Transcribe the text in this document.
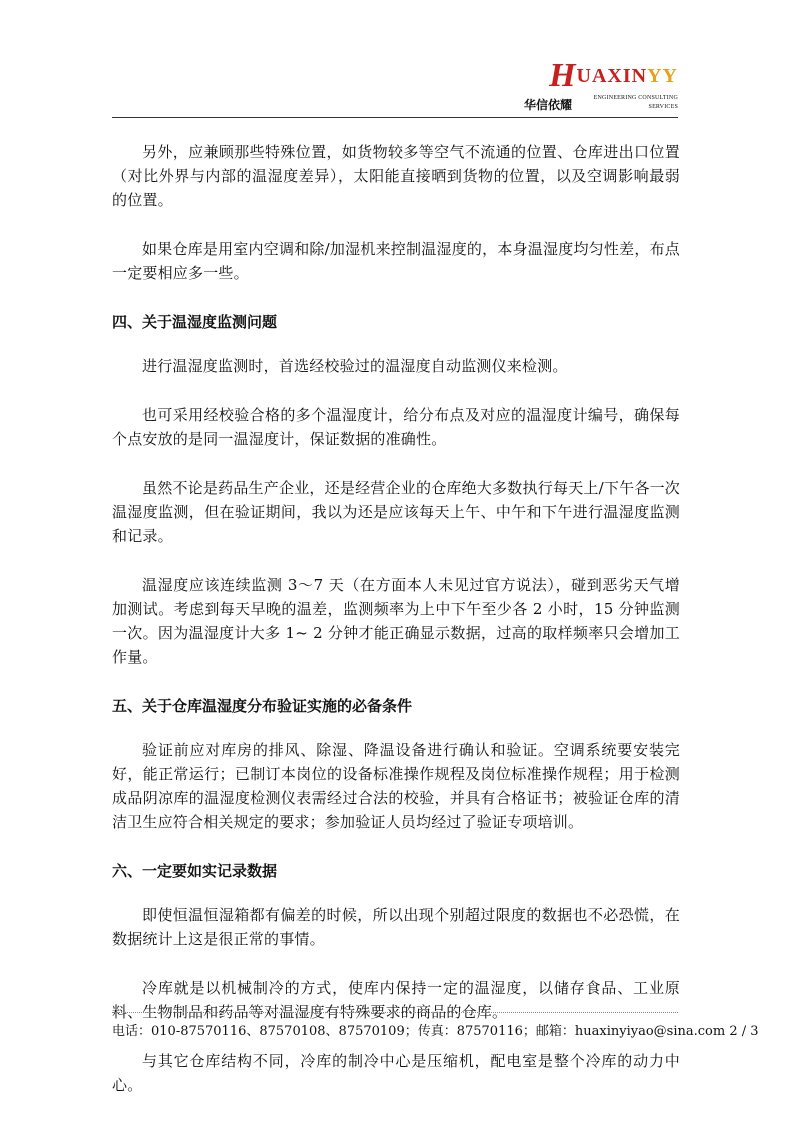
HUAXINYY
华信依耀	ENGINEERING CONSULTING SERVICES

另外，应兼顾那些特殊位置，如货物较多等空气不流通的位置、仓库进出口位置（对比外界与内部的温湿度差异），太阳能直接晒到货物的位置，以及空调影响最弱的位置。

如果仓库是用室内空调和除/加湿机来控制温湿度的，本身温湿度均匀性差，布点一定要相应多一些。

四、关于温湿度监测问题

进行温湿度监测时，首选经校验过的温湿度自动监测仪来检测。

也可采用经校验合格的多个温湿度计，给分布点及对应的温湿度计编号，确保每个点安放的是同一温湿度计，保证数据的准确性。

虽然不论是药品生产企业，还是经营企业的仓库绝大多数执行每天上/下午各一次温湿度监测，但在验证期间，我以为还是应该每天上午、中午和下午进行温湿度监测和记录。

温湿度应该连续监测 3～7 天（在方面本人未见过官方说法），碰到恶劣天气增加测试。考虑到每天早晚的温差，监测频率为上中下午至少各 2 小时，15 分钟监测一次。因为温湿度计大多 1~ 2 分钟才能正确显示数据，过高的取样频率只会增加工作量。

五、关于仓库温湿度分布验证实施的必备条件

验证前应对库房的排风、除湿、降温设备进行确认和验证。空调系统要安装完好，能正常运行；已制订本岗位的设备标准操作规程及岗位标准操作规程；用于检测成品阴凉库的温湿度检测仪表需经过合法的校验，并具有合格证书；被验证仓库的清洁卫生应符合相关规定的要求；参加验证人员均经过了验证专项培训。

六、一定要如实记录数据

即使恒温恒湿箱都有偏差的时候，所以出现个别超过限度的数据也不必恐慌，在数据统计上这是很正常的事情。

冷库就是以机械制冷的方式，使库内保持一定的温湿度，以储存食品、工业原料、生物制品和药品等对温湿度有特殊要求的商品的仓库。

与其它仓库结构不同，冷库的制冷中心是压缩机，配电室是整个冷库的动力中心。

电话：010-87570116、87570108、87570109；传真：87570116；邮箱：huaxinyiyao@sina.com 2 / 3
